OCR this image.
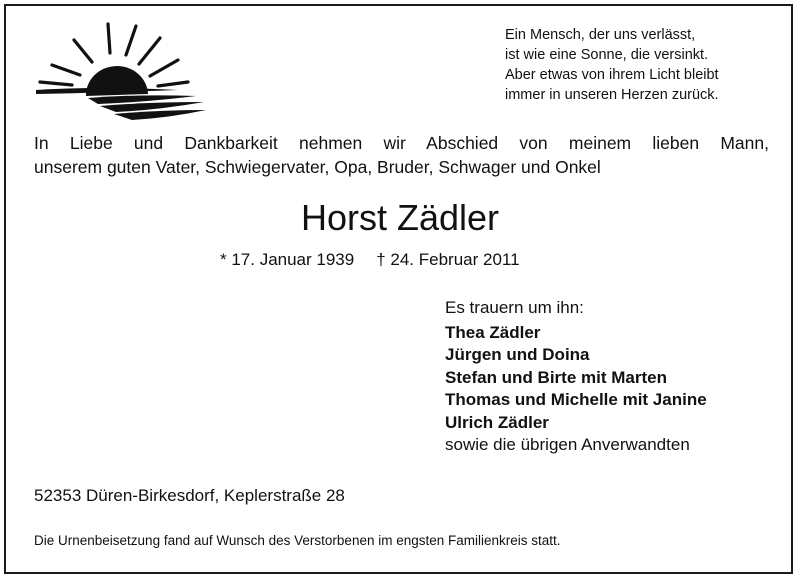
Ein Mensch, der uns verlässt,
ist wie eine Sonne, die versinkt.
Aber etwas von ihrem Licht bleibt
immer in unseren Herzen zurück.
In Liebe und Dankbarkeit nehmen wir Abschied von meinem lieben Mann,
unserem guten Vater, Schwiegervater, Opa, Bruder, Schwager und Onkel
Horst Zädler
* 17. Januar 1939 † 24. Februar 2011
Es trauern um ihn:
Thea Zädler
Jürgen und Doina
Stefan und Birte mit Marten
Thomas und Michelle mit Janine
Ulrich Zädler
sowie die übrigen Anverwandten
52353 Düren-Birkesdorf, Keplerstraße 28
Die Urnenbeisetzung fand auf Wunsch des Verstorbenen im engsten Familienkreis statt.
